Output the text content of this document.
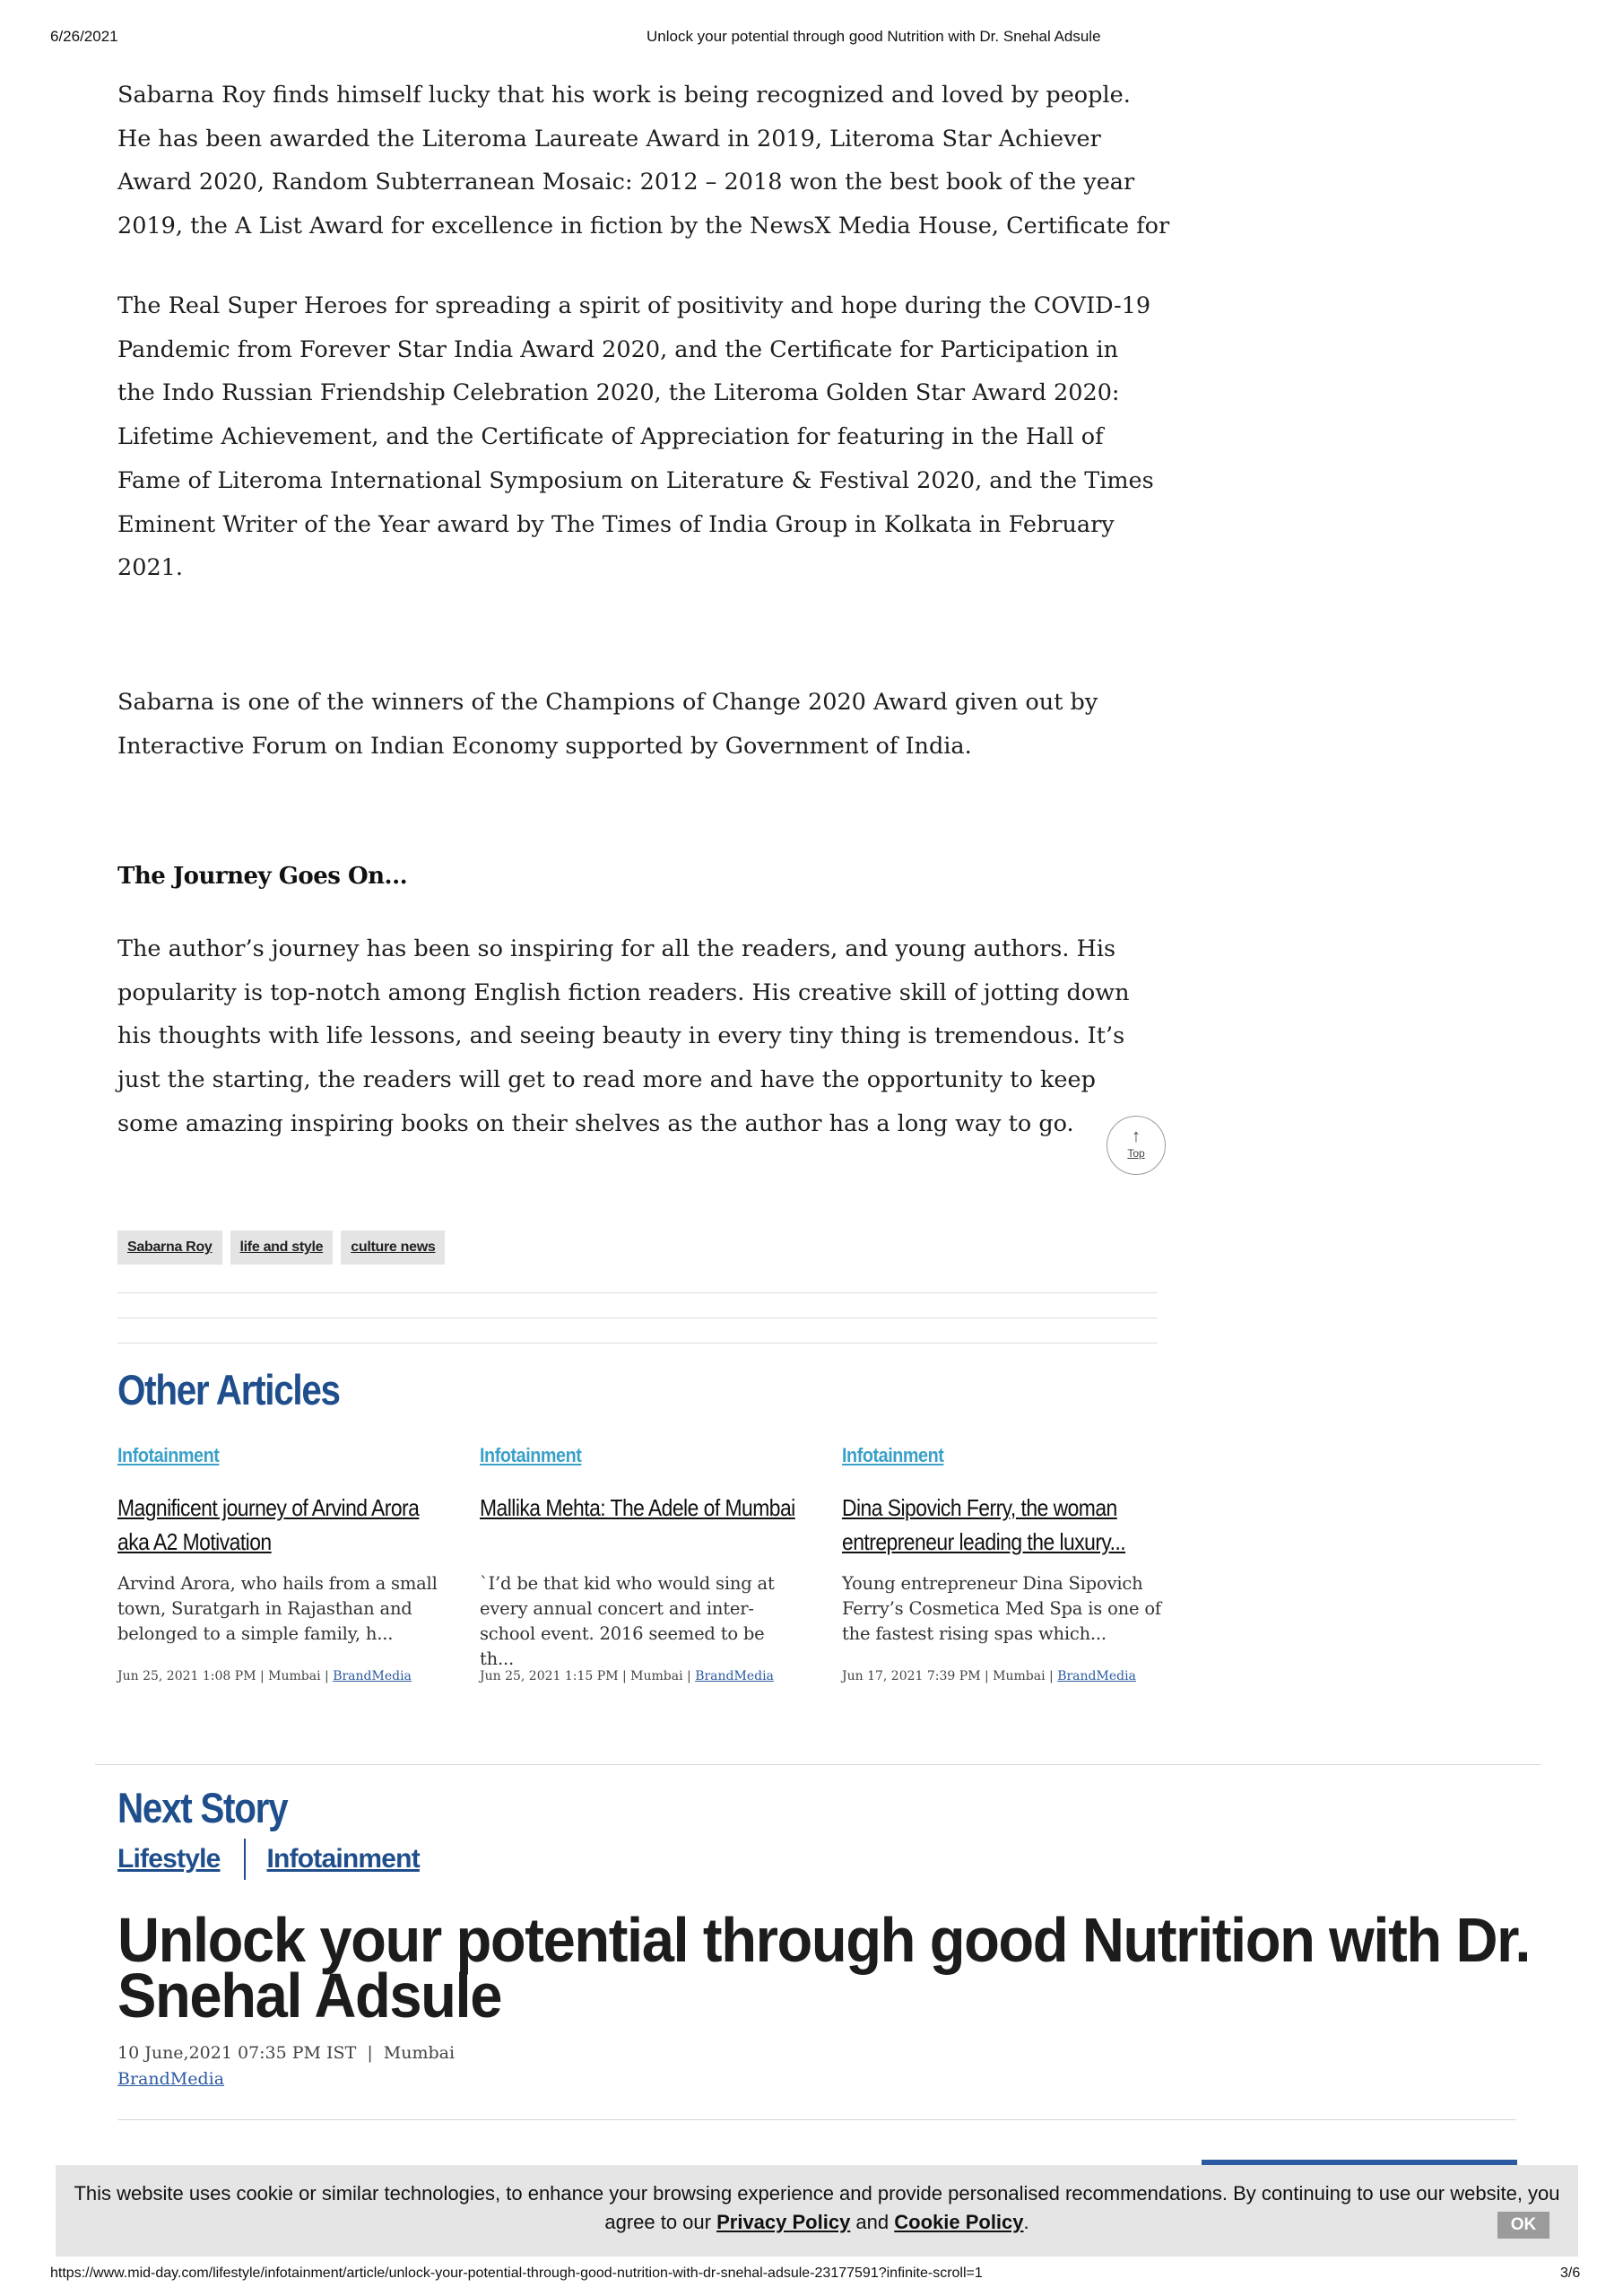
6/26/2021	Unlock your potential through good Nutrition with Dr. Snehal Adsule

Sabarna Roy finds himself lucky that his work is being recognized and loved by people.

He has been awarded the Literoma Laureate Award in 2019, Literoma Star Achiever

Award 2020, Random Subterranean Mosaic: 2012 – 2018 won the best book of the year

2019, the A List Award for excellence in fiction by the NewsX Media House, Certificate for

The Real Super Heroes for spreading a spirit of positivity and hope during the COVID-19

Pandemic from Forever Star India Award 2020, and the Certificate for Participation in

the Indo Russian Friendship Celebration 2020, the Literoma Golden Star Award 2020:

Lifetime Achievement, and the Certificate of Appreciation for featuring in the Hall of

Fame of Literoma International Symposium on Literature & Festival 2020, and the Times

Eminent Writer of the Year award by The Times of India Group in Kolkata in February

2021.

Sabarna is one of the winners of the Champions of Change 2020 Award given out by

Interactive Forum on Indian Economy supported by Government of India.

The Journey Goes On...

The author’s journey has been so inspiring for all the readers, and young authors. His

popularity is top-notch among English fiction readers. His creative skill of jotting down

his thoughts with life lessons, and seeing beauty in every tiny thing is tremendous. It’s

just the starting, the readers will get to read more and have the opportunity to keep

some amazing inspiring books on their shelves as the author has a long way to go.	↑
Top
Sabarna Roy	life and style	culture news
Other Articles
Infotainment
Magnificent journey of Arvind Arora aka A2 Motivation
Arvind Arora, who hails from a small town, Suratgarh in Rajasthan and belonged to a simple family, h...
Jun 25, 2021 1:08 PM | Mumbai | BrandMedia
Infotainment
Mallika Mehta: The Adele of Mumbai
`I’d be that kid who would sing at every annual concert and inter-school event. 2016 seemed to be th...
Jun 25, 2021 1:15 PM | Mumbai | BrandMedia
Infotainment
Dina Sipovich Ferry, the woman entrepreneur leading the luxury...
Young entrepreneur Dina Sipovich Ferry’s Cosmetica Med Spa is one of the fastest rising spas which...
Jun 17, 2021 7:39 PM | Mumbai | BrandMedia
Next Story
Lifestyle Infotainment
Unlock your potential through good Nutrition with Dr.
Snehal Adsule
10 June,2021 07:35 PM IST  |  Mumbai
BrandMedia
This website uses cookie or similar technologies, to enhance your browsing experience and provide personalised recommendations. By continuing to use our website, you
agree to our Privacy Policy and Cookie Policy.	OK
https://www.mid-day.com/lifestyle/infotainment/article/unlock-your-potential-through-good-nutrition-with-dr-snehal-adsule-23177591?infinite-scroll=1	3/6
